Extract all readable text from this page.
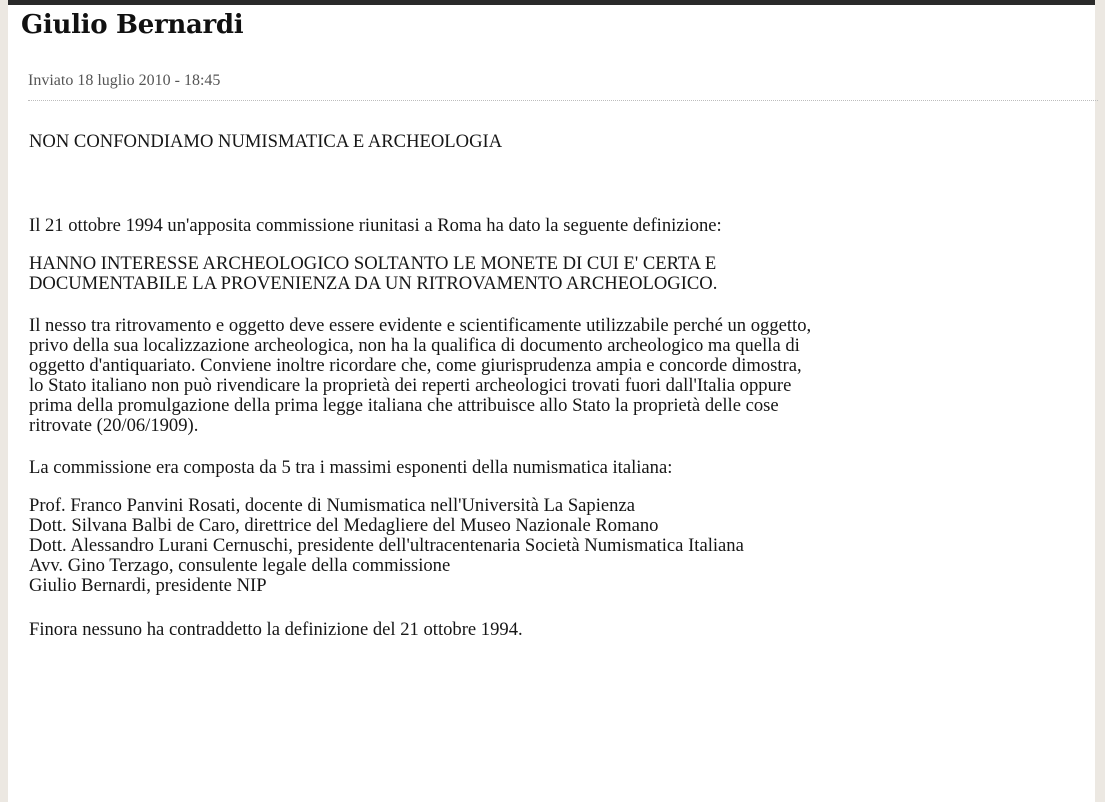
Giulio Bernardi
Inviato 18 luglio 2010 - 18:45

NON CONFONDIAMO NUMISMATICA E ARCHEOLOGIA

Il 21 ottobre 1994 un'apposita commissione riunitasi a Roma ha dato la seguente definizione:

HANNO INTERESSE ARCHEOLOGICO SOLTANTO LE MONETE DI CUI E' CERTA E
DOCUMENTABILE LA PROVENIENZA DA UN RITROVAMENTO ARCHEOLOGICO.

Il nesso tra ritrovamento e oggetto deve essere evidente e scientificamente utilizzabile perché un oggetto,
privo della sua localizzazione archeologica, non ha la qualifica di documento archeologico ma quella di
oggetto d'antiquariato. Conviene inoltre ricordare che, come giurisprudenza ampia e concorde dimostra,
lo Stato italiano non può rivendicare la proprietà dei reperti archeologici trovati fuori dall'Italia oppure
prima della promulgazione della prima legge italiana che attribuisce allo Stato la proprietà delle cose
ritrovate (20/06/1909).

La commissione era composta da 5 tra i massimi esponenti della numismatica italiana:

Prof. Franco Panvini Rosati, docente di Numismatica nell'Università La Sapienza
Dott. Silvana Balbi de Caro, direttrice del Medagliere del Museo Nazionale Romano
Dott. Alessandro Lurani Cernuschi, presidente dell'ultracentenaria Società Numismatica Italiana
Avv. Gino Terzago, consulente legale della commissione
Giulio Bernardi, presidente NIP

Finora nessuno ha contraddetto la definizione del 21 ottobre 1994.
